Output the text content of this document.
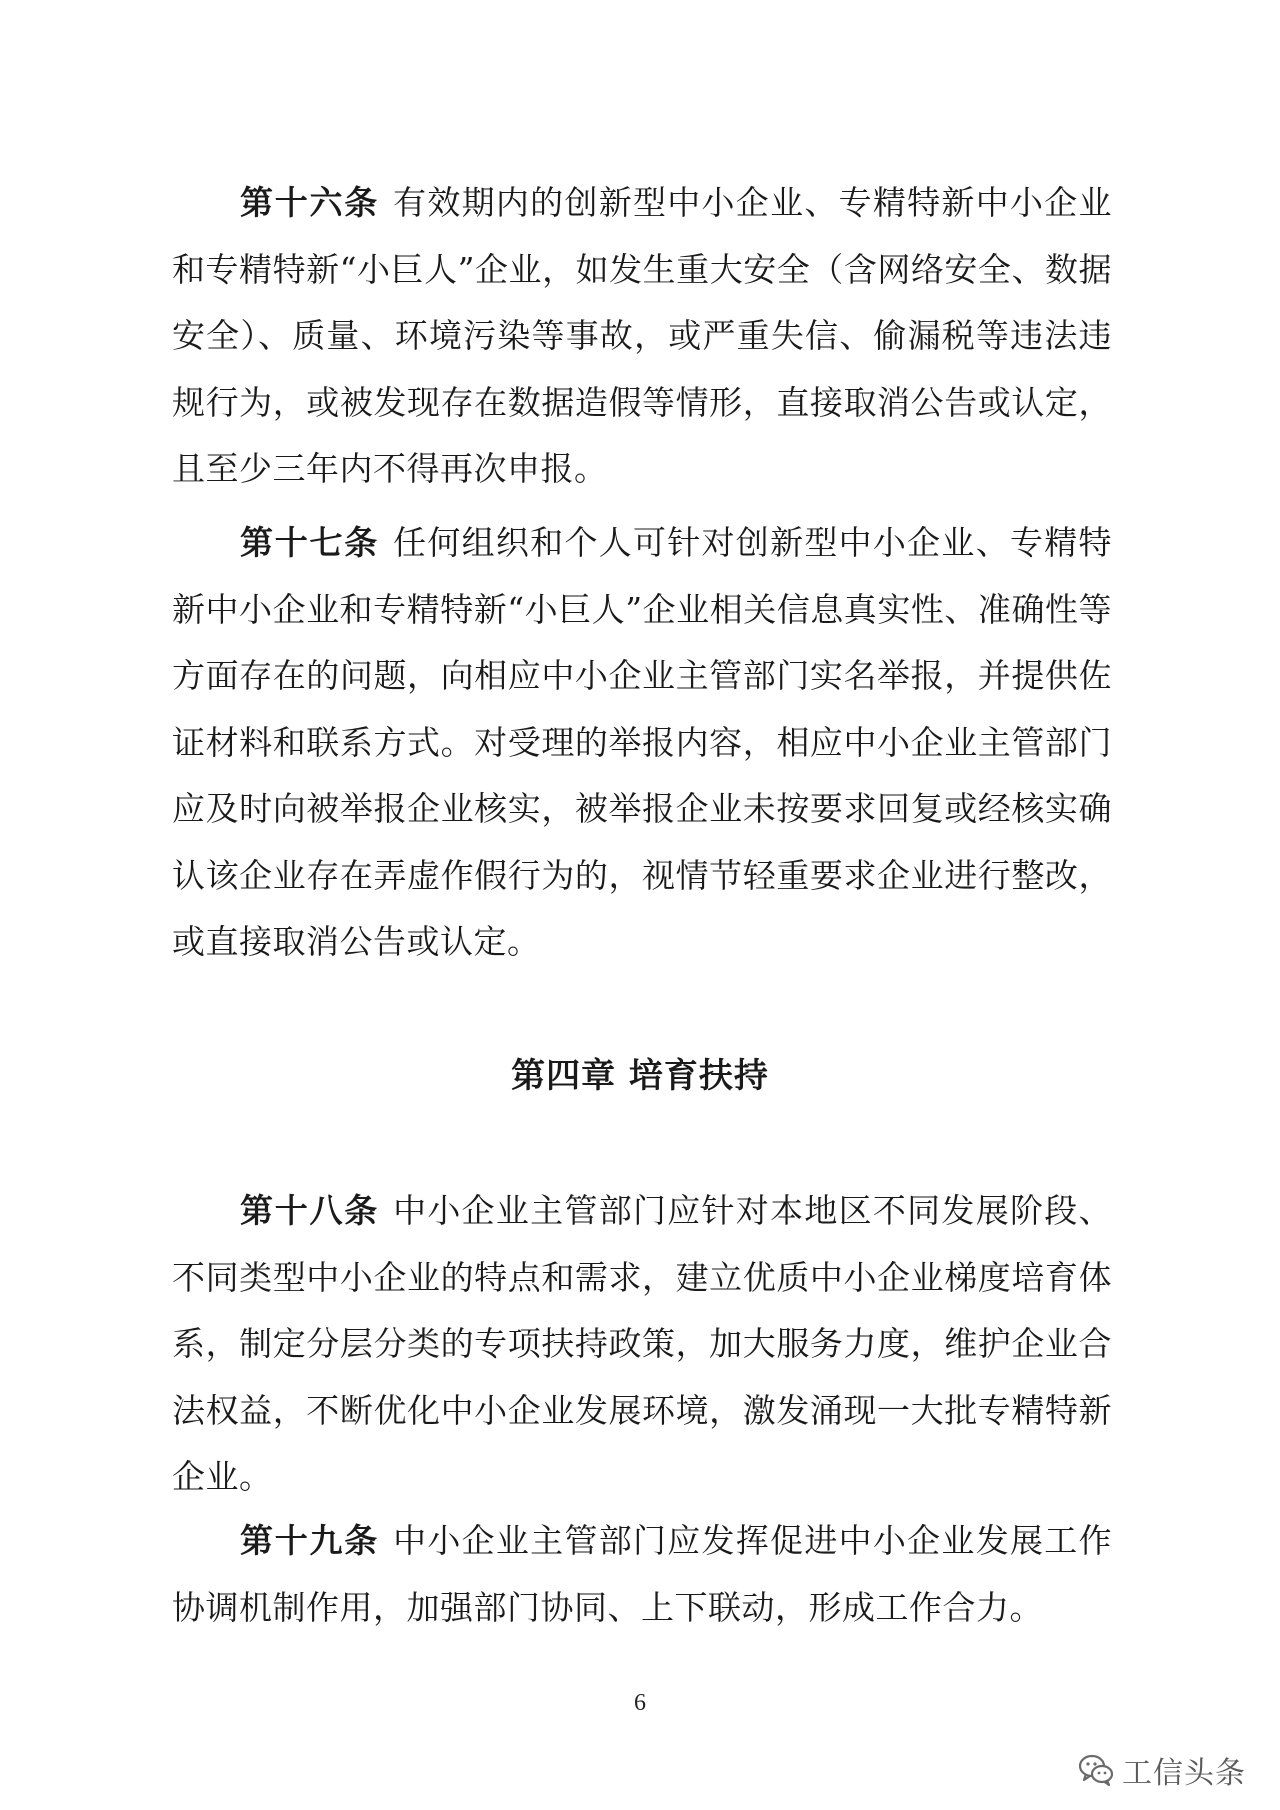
第十六条 有效期内的创新型中小企业、专精特新中小企业和专精特新“小巨人”企业，如发生重大安全（含网络安全、数据安全）、质量、环境污染等事故，或严重失信、偷漏税等违法违规行为，或被发现存在数据造假等情形，直接取消公告或认定，且至少三年内不得再次申报。

第十七条 任何组织和个人可针对创新型中小企业、专精特新中小企业和专精特新“小巨人”企业相关信息真实性、准确性等方面存在的问题，向相应中小企业主管部门实名举报，并提供佐证材料和联系方式。对受理的举报内容，相应中小企业主管部门应及时向被举报企业核实，被举报企业未按要求回复或经核实确认该企业存在弄虚作假行为的，视情节轻重要求企业进行整改，或直接取消公告或认定。

第四章 培育扶持

第十八条 中小企业主管部门应针对本地区不同发展阶段、不同类型中小企业的特点和需求，建立优质中小企业梯度培育体系，制定分层分类的专项扶持政策，加大服务力度，维护企业合法权益，不断优化中小企业发展环境，激发涌现一大批专精特新企业。

第十九条 中小企业主管部门应发挥促进中小企业发展工作协调机制作用，加强部门协同、上下联动，形成工作合力。

6
工信头条
